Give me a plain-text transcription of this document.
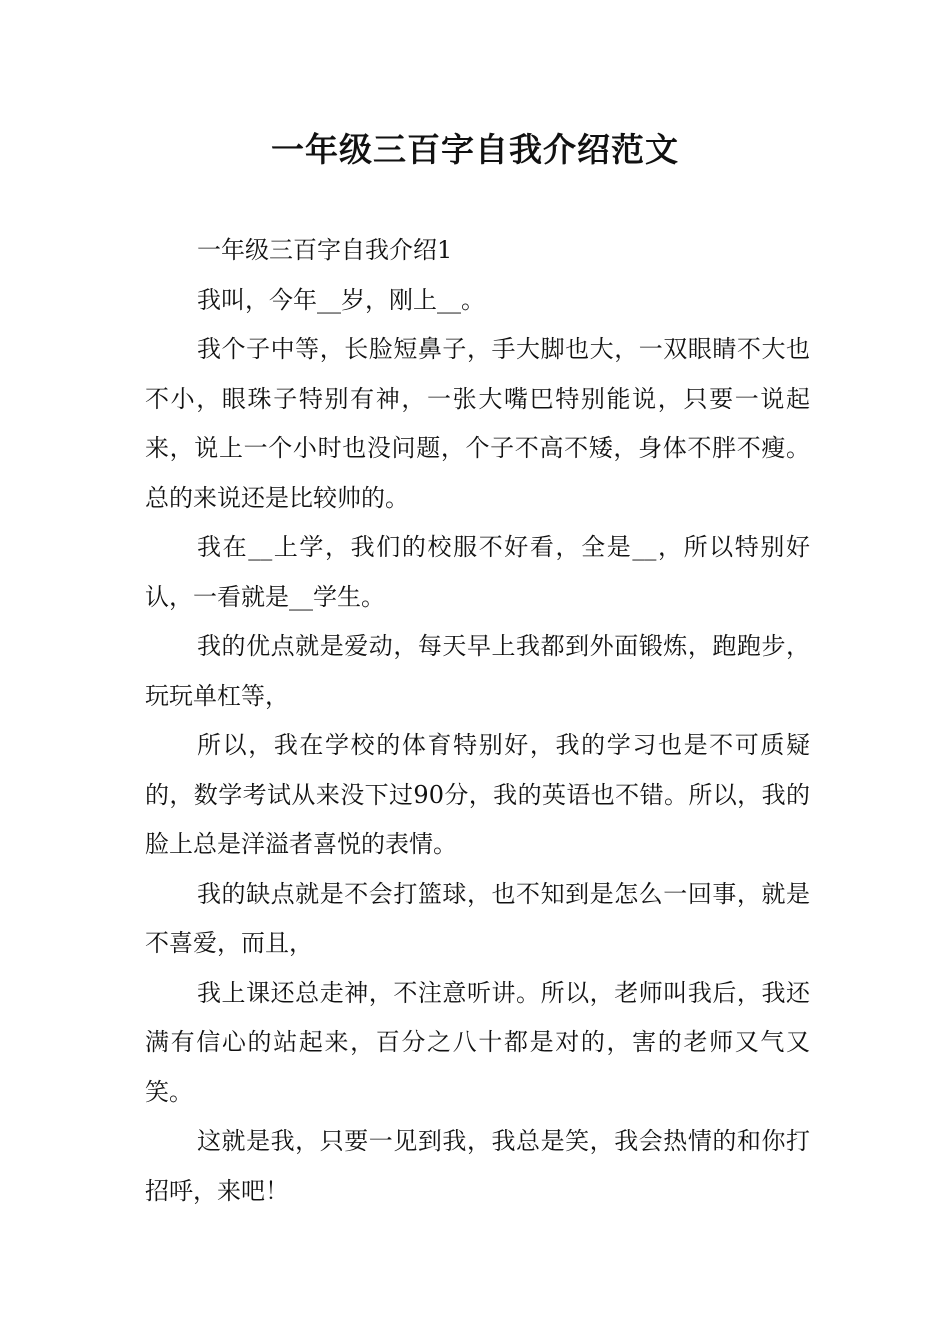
一年级三百字自我介绍范文

一年级三百字自我介绍1

我叫，今年__岁，刚上__。

我个子中等，长脸短鼻子，手大脚也大，一双眼睛不大也不小，眼珠子特别有神，一张大嘴巴特别能说，只要一说起来，说上一个小时也没问题，个子不高不矮，身体不胖不瘦。总的来说还是比较帅的。

我在__上学，我们的校服不好看，全是__，所以特别好认，一看就是__学生。

我的优点就是爱动，每天早上我都到外面锻炼，跑跑步，玩玩单杠等，

所以，我在学校的体育特别好，我的学习也是不可质疑的，数学考试从来没下过90分，我的英语也不错。所以，我的脸上总是洋溢者喜悦的表情。

我的缺点就是不会打篮球，也不知到是怎么一回事，就是不喜爱，而且，

我上课还总走神，不注意听讲。所以，老师叫我后，我还满有信心的站起来，百分之八十都是对的，害的老师又气又笑。

这就是我，只要一见到我，我总是笑，我会热情的和你打招呼，来吧！
